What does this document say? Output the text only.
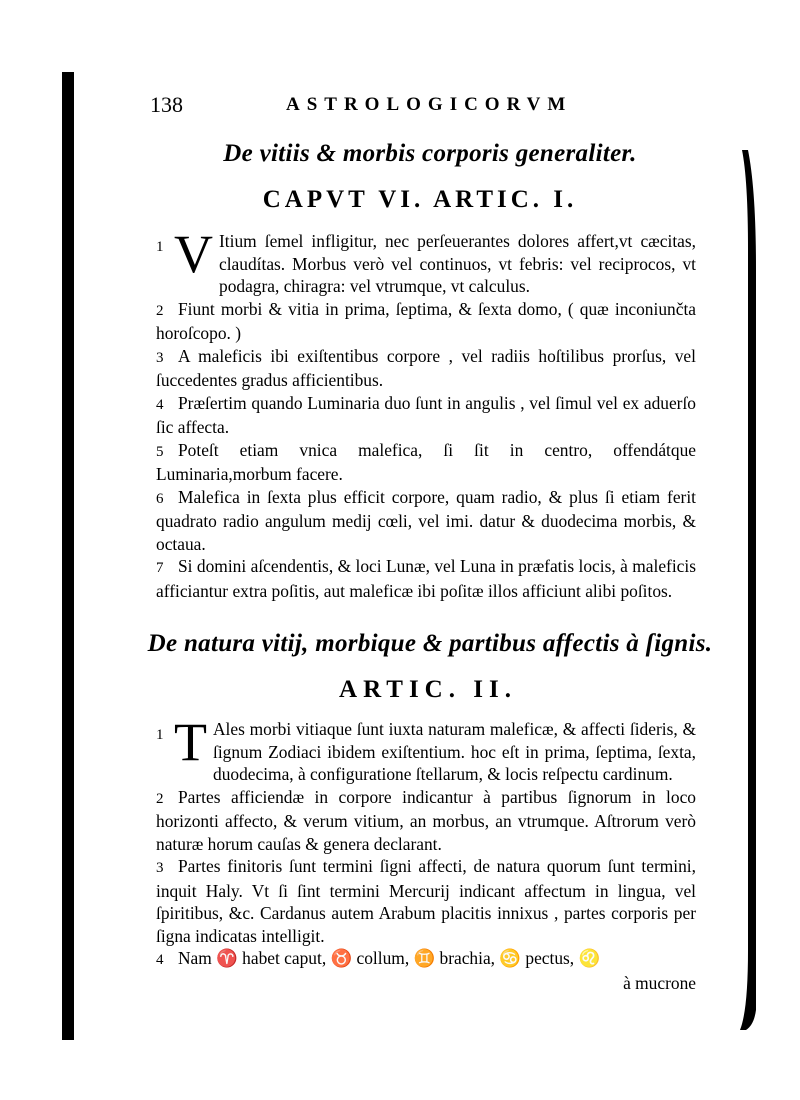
138	ASTROLOGICORVM
De vitiis & morbis corporis generaliter.
CAPVT VI. ARTIC. I.

1 V Itium ſemel infligitur, nec perſeuerantes dolores affert,vt cæcitas, claudítas. Morbus verò vel continuos, vt febris: vel reciprocos, vt podagra, chiragra: vel vtrumque, vt calculus.

2 Fiunt morbi & vitia in prima, ſeptima, & ſexta domo, ( quæ inconiunčta horoſcopo. )

3 A maleficis ibi exiſtentibus corpore , vel radiis hoſtilibus prorſus, vel ſuccedentes gradus afficientibus.

4 Præſertim quando Luminaria duo ſunt in angulis , vel ſimul vel ex aduerſo ſic affecta.

5 Poteſt etiam vnica malefica, ſi ſit in centro, offendátque Luminaria,morbum facere.

6 Malefica in ſexta plus efficit corpore, quam radio, & plus ſi etiam ferit quadrato radio angulum medij cœli, vel imi. datur & duodecima morbis, & octaua.

7 Si domini aſcendentis, & loci Lunæ, vel Luna in præfatis locis, à maleficis afficiantur extra poſitis, aut maleficæ ibi poſitæ illos afficiunt alibi poſitos.

De natura vitij, morbique & partibus affectis à ſignis.
ARTIC. II.

1 T Ales morbi vitiaque ſunt iuxta naturam maleficæ, & affecti ſideris, & ſignum Zodiaci ibidem exiſtentium. hoc eſt in prima, ſeptima, ſexta, duodecima, à configuratione ſtellarum, & locis reſpectu cardinum.

2 Partes afficiendæ in corpore indicantur à partibus ſignorum in loco horizonti affecto, & verum vitium, an morbus, an vtrumque. Aſtrorum verò naturæ horum cauſas & genera declarant.

3 Partes finitoris ſunt termini ſigni affecti, de natura quorum ſunt termini, inquit Haly. Vt ſi ſint termini Mercurij indicant affectum in lingua, vel ſpiritibus, &c. Cardanus autem Arabum placitis innixus , partes corporis per ſigna indicatas intelligit.

4 Nam ♈ habet caput, ♉ collum, ♊ brachia, ♋ pectus, ♌

à mucrone
